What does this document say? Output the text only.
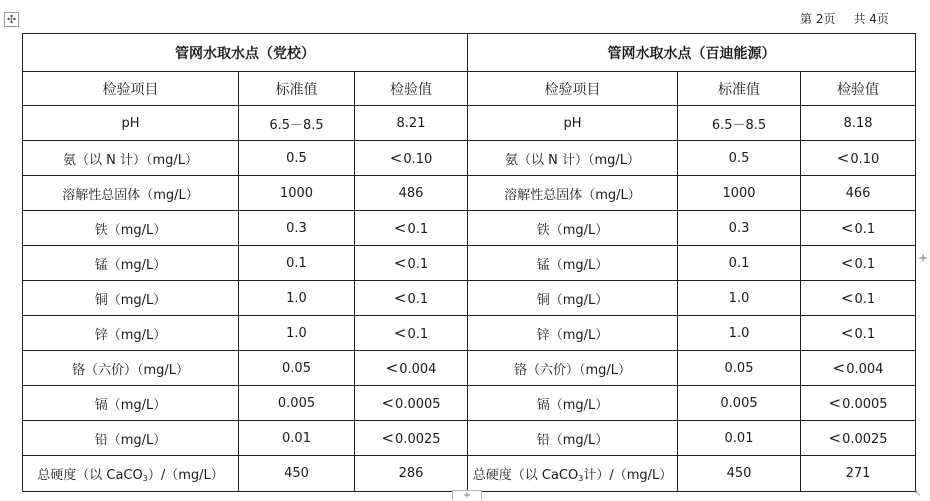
✣	第 2页 共 4页
管网水取水点（党校）			管网水取水点（百迪能源）		
检验项目	标准值	检验值	检验项目	标准值	检验值
pH	6.5－8.5	8.21	pH	6.5－8.5	8.18
氨（以 N 计）（mg/L）	0.5	<0.10	氨（以 N 计）（mg/L）	0.5	<0.10
溶解性总固体（mg/L）	1000	486	溶解性总固体（mg/L）	1000	466
铁（mg/L）	0.3	<0.1	铁（mg/L）	0.3	<0.1
锰（mg/L）	0.1	<0.1	锰（mg/L）	0.1	<0.1
铜（mg/L）	1.0	<0.1	铜（mg/L）	1.0	<0.1
锌（mg/L）	1.0	<0.1	锌（mg/L）	1.0	<0.1
铬（六价）（mg/L）	0.05	<0.004	铬（六价）（mg/L）	0.05	<0.004
镉（mg/L）	0.005	<0.0005	镉（mg/L）	0.005	<0.0005
铅（mg/L）	0.01	<0.0025	铅（mg/L）	0.01	<0.0025
总硬度（以 CaCO$_3$）/（mg/L）	450	286	总硬度（以 CaCO$_3$计）/（mg/L）	450	271
+
+	↖
